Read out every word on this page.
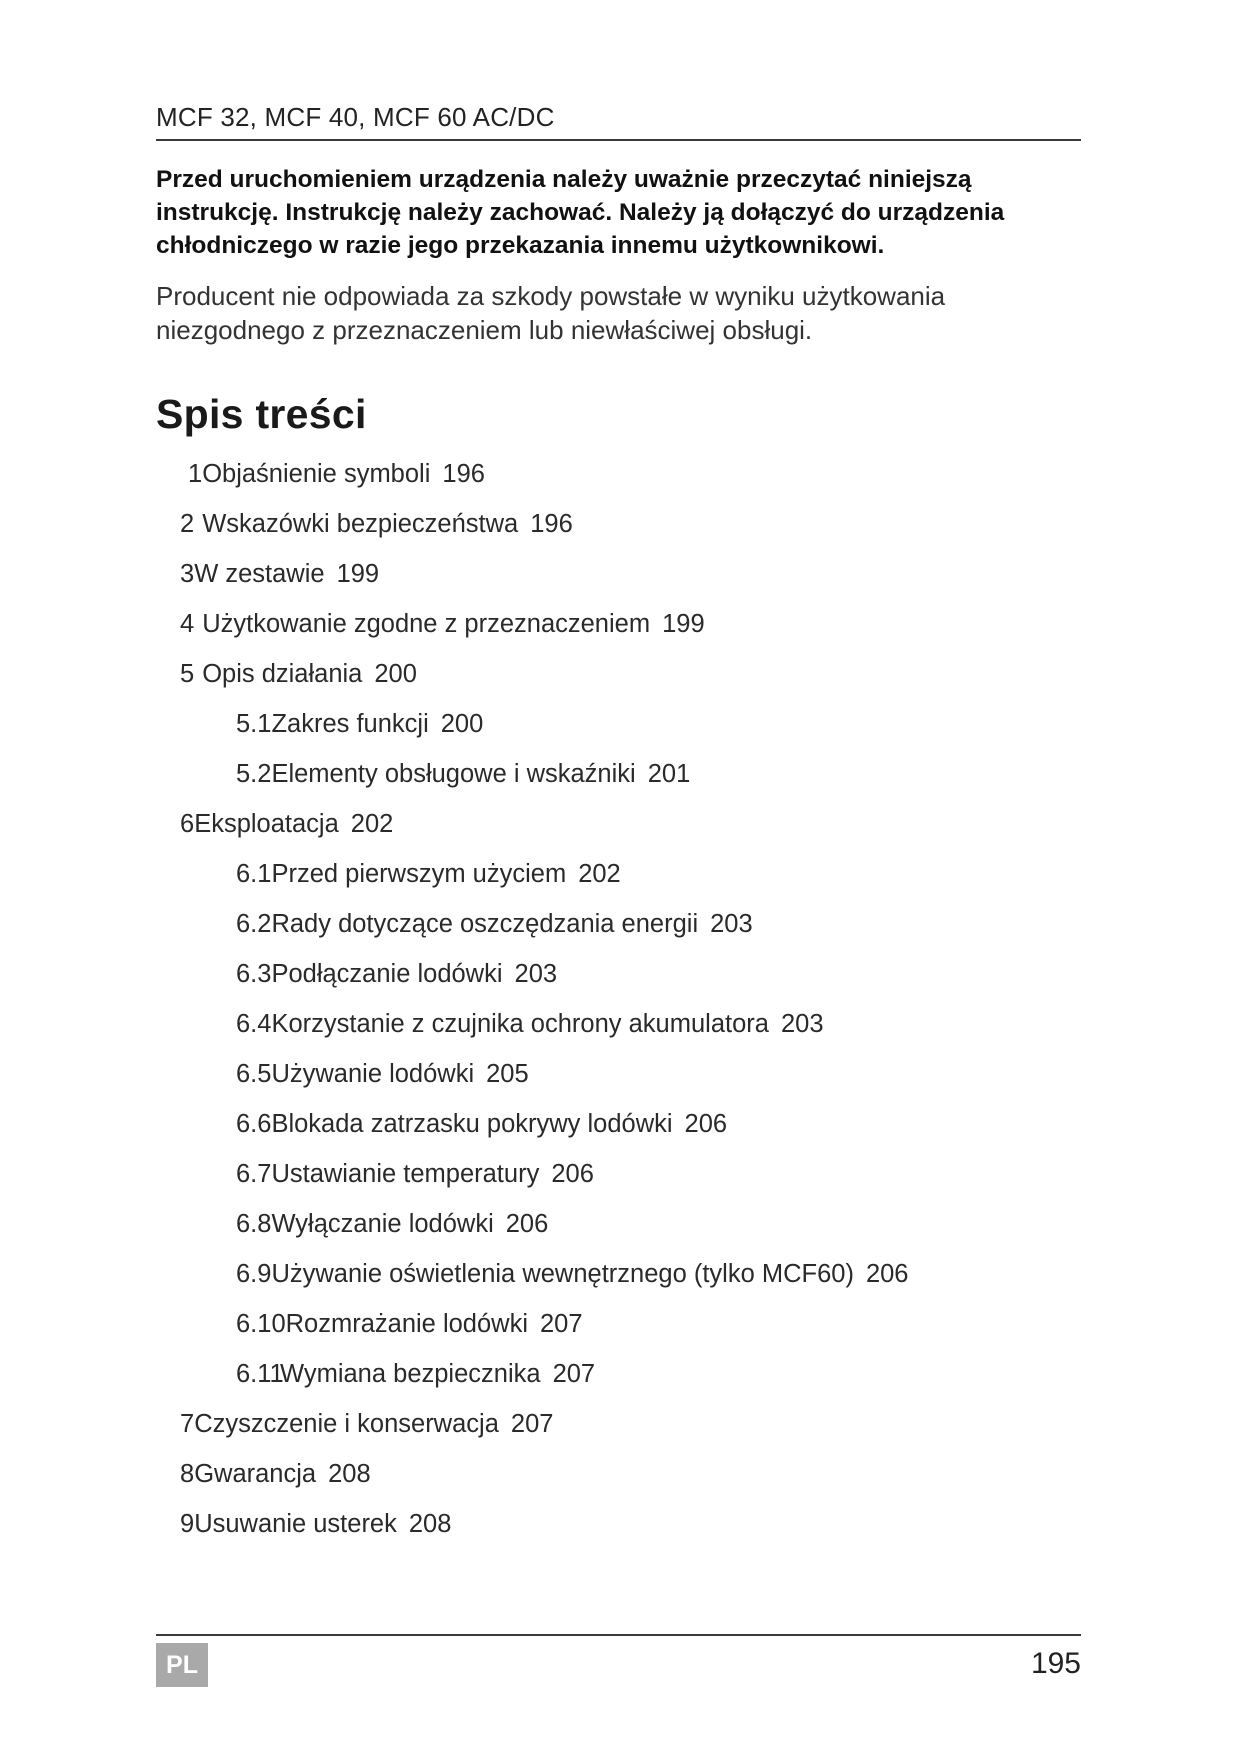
MCF 32, MCF 40, MCF 60 AC/DC
Przed uruchomieniem urządzenia należy uważnie przeczytać niniejszą
instrukcję. Instrukcję należy zachować. Należy ją dołączyć do urządzenia
chłodniczego w razie jego przekazania innemu użytkownikowi.
Producent nie odpowiada za szkody powstałe w wyniku użytkowania
niezgodnego z przeznaczeniem lub niewłaściwej obsługi.
Spis treści
1 Objaśnienie symboli 196
2 Wskazówki bezpieczeństwa 196
3 W zestawie 199
4 Użytkowanie zgodne z przeznaczeniem 199
5 Opis działania 200
5.1 Zakres funkcji 200
5.2 Elementy obsługowe i wskaźniki 201
6 Eksploatacja 202
6.1 Przed pierwszym użyciem 202
6.2 Rady dotyczące oszczędzania energii 203
6.3 Podłączanie lodówki 203
6.4 Korzystanie z czujnika ochrony akumulatora 203
6.5 Używanie lodówki 205
6.6 Blokada zatrzasku pokrywy lodówki 206
6.7 Ustawianie temperatury 206
6.8 Wyłączanie lodówki 206
6.9 Używanie oświetlenia wewnętrznego (tylko MCF60) 206
6.10 Rozmrażanie lodówki 207
6.11
Wymiana bezpiecznika 207
7 Czyszczenie i konserwacja 207
8 Gwarancja 208
9 Usuwanie usterek 208
PL	195
